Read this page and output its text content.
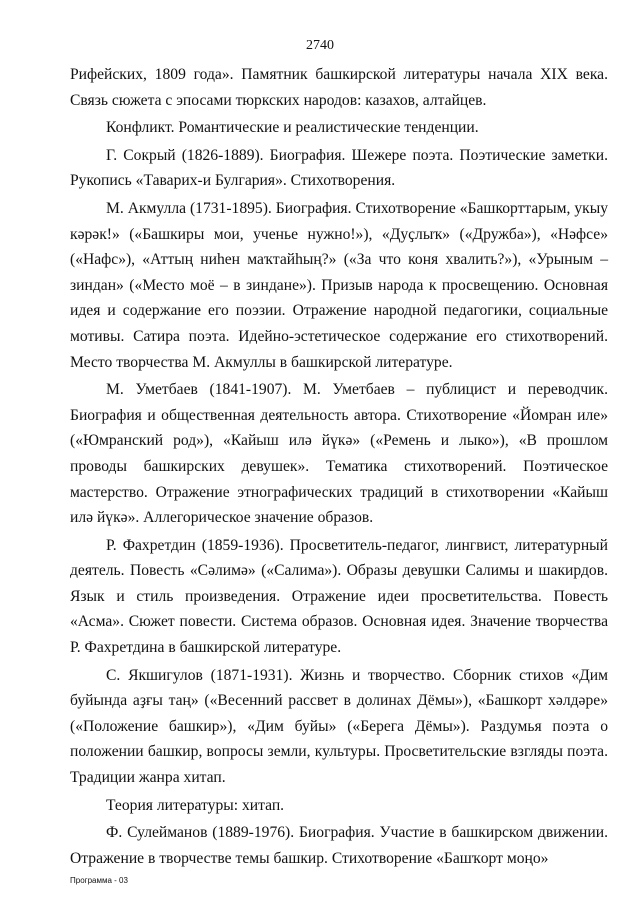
2740

Рифейских, 1809 года». Памятник башкирской литературы начала XIX века. Связь сюжета с эпосами тюркских народов: казахов, алтайцев.

Конфликт. Романтические и реалистические тенденции.

Г. Сокрый (1826-1889). Биография. Шежере поэта. Поэтические заметки. Рукопись «Таварих-и Булгария». Стихотворения.

М. Акмулла (1731-1895). Биография. Стихотворение «Башкорттарым, укыу кәрәк!» («Башкиры мои, ученье нужно!»), «Дуҫлыҡ» («Дружба»), «Нәфсе» («Нафс»), «Аттың ниһен маҡтайһың?» («За что коня хвалить?»), «Урыным – зиндан» («Место моё – в зиндане»). Призыв народа к просвещению. Основная идея и содержание его поэзии. Отражение народной педагогики, социальные мотивы. Сатира поэта. Идейно-эстетическое содержание его стихотворений. Место творчества М. Акмуллы в башкирской литературе.

М. Уметбаев (1841-1907). М. Уметбаев – публицист и переводчик. Биография и общественная деятельность автора. Стихотворение «Йомран иле» («Юмранский род»), «Кайыш илә йүкә» («Ремень и лыко»), «В прошлом проводы башкирских девушек». Тематика стихотворений. Поэтическое мастерство. Отражение этнографических традиций в стихотворении «Кайыш илә йүкә». Аллегорическое значение образов.

Р. Фахретдин (1859-1936). Просветитель-педагог, лингвист, литературный деятель. Повесть «Сәлимә» («Салима»). Образы девушки Салимы и шакирдов. Язык и стиль произведения. Отражение идеи просветительства. Повесть «Асма». Сюжет повести. Система образов. Основная идея. Значение творчества Р. Фахретдина в башкирской литературе.

С. Якшигулов (1871-1931). Жизнь и творчество. Сборник стихов «Дим буйында аҙғы таң» («Весенний рассвет в долинах Дёмы»), «Башкорт хәлдәре» («Положение башкир»), «Дим буйы» («Берега Дёмы»). Раздумья поэта о положении башкир, вопросы земли, культуры. Просветительские взгляды поэта. Традиции жанра хитап.

Теория литературы: хитап.

Ф. Сулейманов (1889-1976). Биография. Участие в башкирском движении. Отражение в творчестве темы башкир. Стихотворение «Башҡорт моңо»

Программа - 03
